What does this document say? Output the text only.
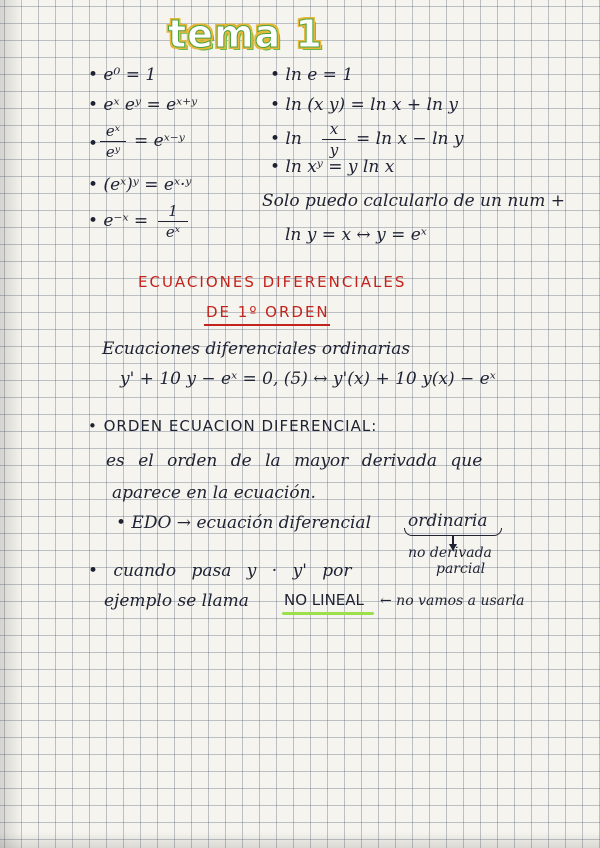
tema 1
• e⁰ = 1
• eˣ eʸ = eˣ⁺ʸ
• $\frac{\text{eˣ}}{\text{eʸ}}$ = eˣ⁻ʸ
• (eˣ)ʸ = eˣ·ʸ
• e⁻ˣ = $\frac{1}{\text{eˣ}}$
• ln e = 1
• ln (x y) = ln x + ln y
• $\ln \frac{x}{y} = \ln x - \ln y$
• ln xʸ = y ln x
Solo puedo calcularlo de un num +
ln y = x ↔ y = eˣ
ECUACIONES DIFERENCIALES
DE 1º ORDEN
Ecuaciones diferenciales ordinarias
y' + 10 y − eˣ = 0, (5) ↔ y'(x) + 10 y(x) − eˣ
• ORDEN ECUACION DIFERENCIAL:
es el orden de la mayor derivada que
aparece en la ecuación.
• EDO → ecuación diferencial ordinaria
no derivada
parcial
• cuando pasa y · y' por
ejemplo se llama NO LINEAL ← no vamos a usarla
